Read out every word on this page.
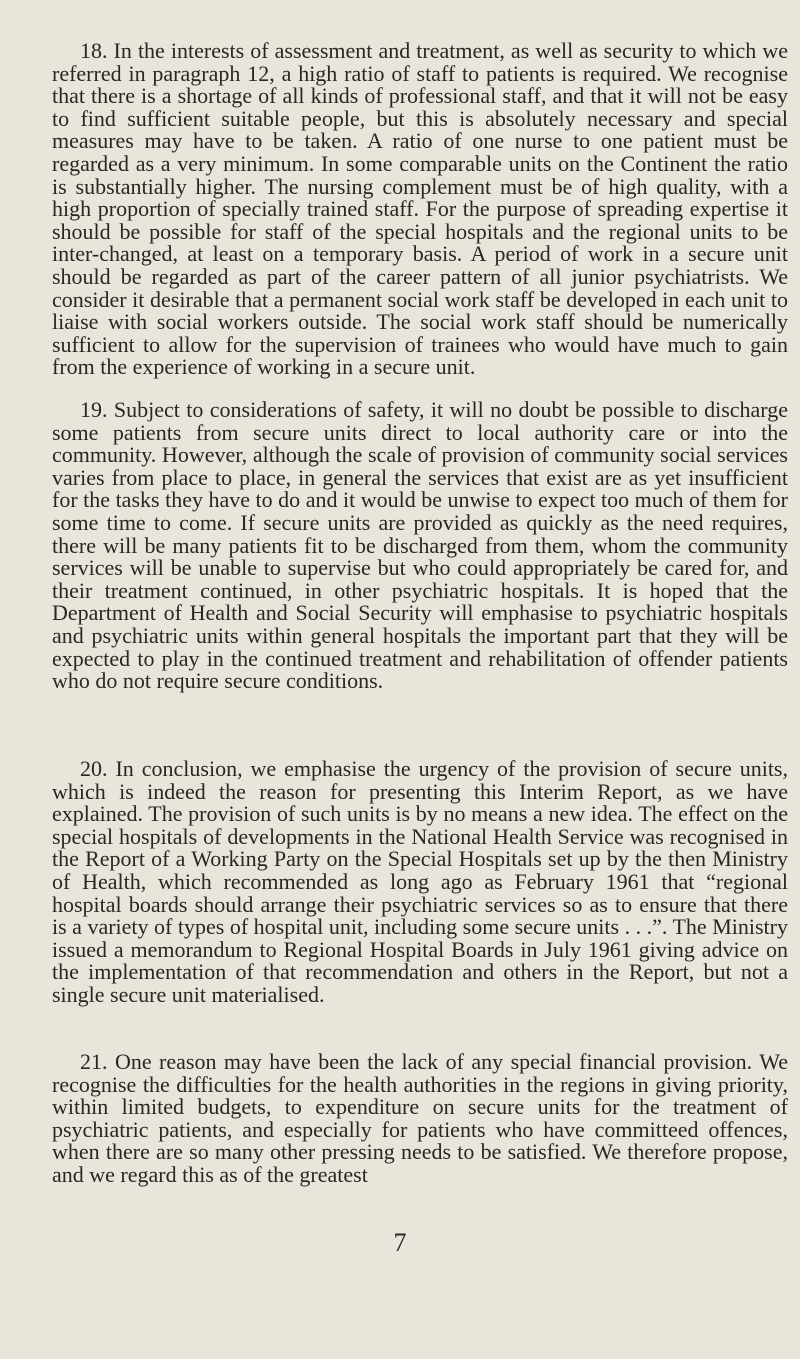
18. In the interests of assessment and treatment, as well as security to which we referred in paragraph 12, a high ratio of staff to patients is required. We recognise that there is a shortage of all kinds of professional staff, and that it will not be easy to find sufficient suitable people, but this is absolutely necessary and special measures may have to be taken. A ratio of one nurse to one patient must be regarded as a very minimum. In some comparable units on the Continent the ratio is substantially higher. The nursing complement must be of high quality, with a high proportion of specially trained staff. For the purpose of spreading expertise it should be possible for staff of the special hospitals and the regional units to be inter-changed, at least on a temporary basis. A period of work in a secure unit should be regarded as part of the career pattern of all junior psychiatrists. We consider it desirable that a permanent social work staff be developed in each unit to liaise with social workers outside. The social work staff should be numerically sufficient to allow for the supervision of trainees who would have much to gain from the experience of working in a secure unit.

19. Subject to considerations of safety, it will no doubt be possible to discharge some patients from secure units direct to local authority care or into the community. However, although the scale of provision of community social services varies from place to place, in general the services that exist are as yet insufficient for the tasks they have to do and it would be unwise to expect too much of them for some time to come. If secure units are provided as quickly as the need requires, there will be many patients fit to be discharged from them, whom the community services will be unable to supervise but who could appropriately be cared for, and their treatment continued, in other psychiatric hospitals. It is hoped that the Department of Health and Social Security will emphasise to psychiatric hospitals and psychiatric units within general hospitals the important part that they will be expected to play in the continued treatment and rehabilitation of offender patients who do not require secure conditions.

20. In conclusion, we emphasise the urgency of the provision of secure units, which is indeed the reason for presenting this Interim Report, as we have explained. The provision of such units is by no means a new idea. The effect on the special hospitals of developments in the National Health Service was recognised in the Report of a Working Party on the Special Hospitals set up by the then Ministry of Health, which recommended as long ago as February 1961 that “regional hospital boards should arrange their psychiatric services so as to ensure that there is a variety of types of hospital unit, including some secure units . . .”. The Ministry issued a memorandum to Regional Hospital Boards in July 1961 giving advice on the implementation of that recommendation and others in the Report, but not a single secure unit materialised.

21. One reason may have been the lack of any special financial provision. We recognise the difficulties for the health authorities in the regions in giving priority, within limited budgets, to expenditure on secure units for the treatment of psychiatric patients, and especially for patients who have committeed offences, when there are so many other pressing needs to be satisfied. We therefore propose, and we regard this as of the greatest

7
